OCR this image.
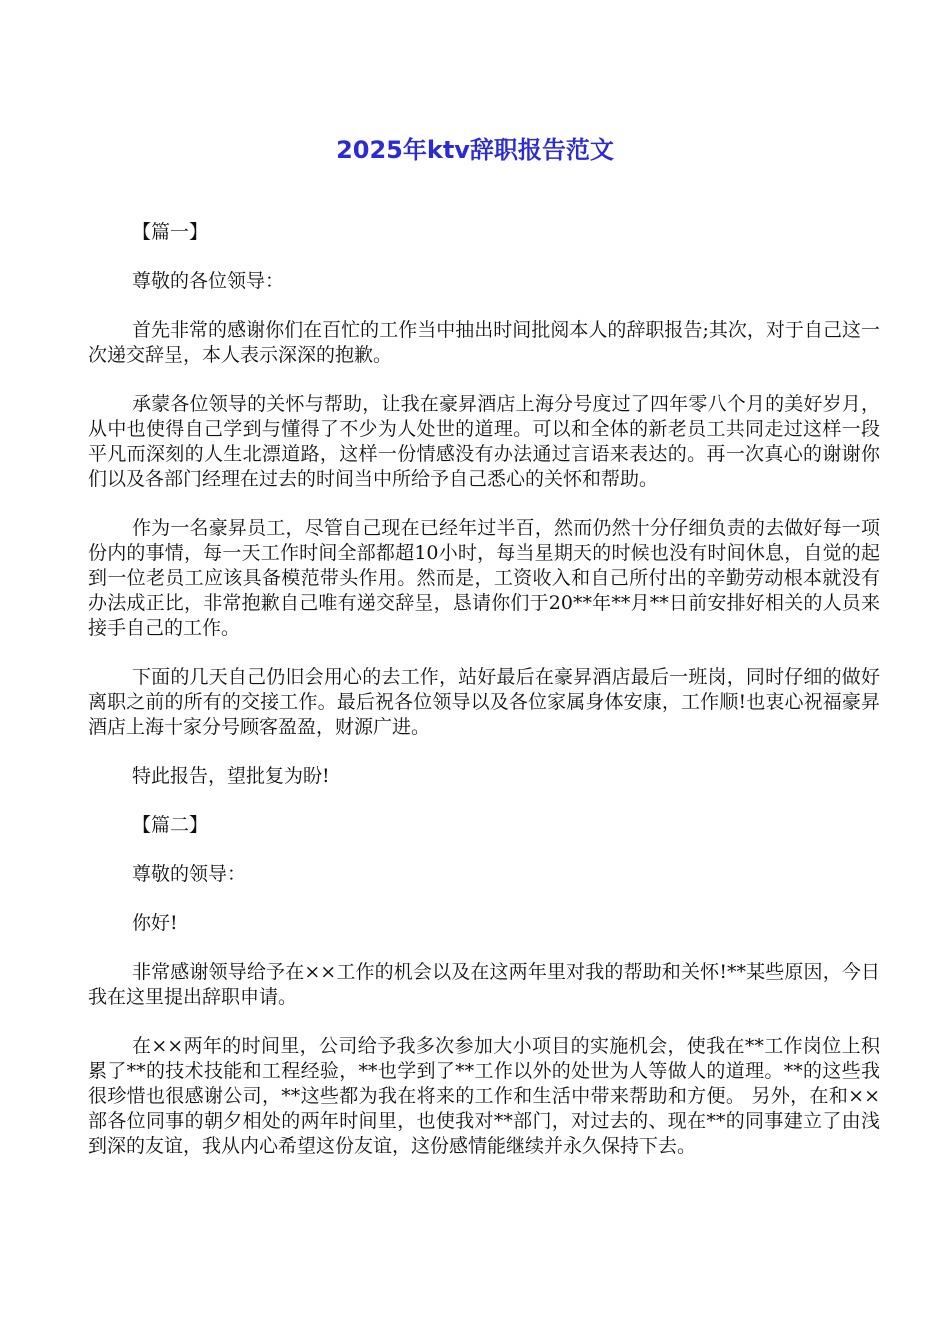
2025年ktv辞职报告范文

【篇一】

尊敬的各位领导：

首先非常的感谢你们在百忙的工作当中抽出时间批阅本人的辞职报告;其次，对于自己这一次递交辞呈，本人表示深深的抱歉。

承蒙各位领导的关怀与帮助，让我在豪昇酒店上海分号度过了四年零八个月的美好岁月，从中也使得自己学到与懂得了不少为人处世的道理。可以和全体的新老员工共同走过这样一段平凡而深刻的人生北漂道路，这样一份情感没有办法通过言语来表达的。再一次真心的谢谢你们以及各部门经理在过去的时间当中所给予自己悉心的关怀和帮助。

作为一名豪昇员工，尽管自己现在已经年过半百，然而仍然十分仔细负责的去做好每一项份内的事情，每一天工作时间全部都超10小时，每当星期天的时候也没有时间休息，自觉的起到一位老员工应该具备模范带头作用。然而是，工资收入和自己所付出的辛勤劳动根本就没有办法成正比，非常抱歉自己唯有递交辞呈，恳请你们于20**年**月**日前安排好相关的人员来接手自己的工作。

下面的几天自己仍旧会用心的去工作，站好最后在豪昇酒店最后一班岗，同时仔细的做好离职之前的所有的交接工作。最后祝各位领导以及各位家属身体安康，工作顺!也衷心祝福豪昇酒店上海十家分号顾客盈盈，财源广进。

特此报告，望批复为盼!

【篇二】

尊敬的领导：

你好!

非常感谢领导给予在××工作的机会以及在这两年里对我的帮助和关怀!**某些原因，今日我在这里提出辞职申请。

在××两年的时间里，公司给予我多次参加大小项目的实施机会，使我在**工作岗位上积累了**的技术技能和工程经验，**也学到了**工作以外的处世为人等做人的道理。**的这些我很珍惜也很感谢公司，**这些都为我在将来的工作和生活中带来帮助和方便。 另外，在和××部各位同事的朝夕相处的两年时间里，也使我对**部门，对过去的、现在**的同事建立了由浅到深的友谊，我从内心希望这份友谊，这份感情能继续并永久保持下去。
